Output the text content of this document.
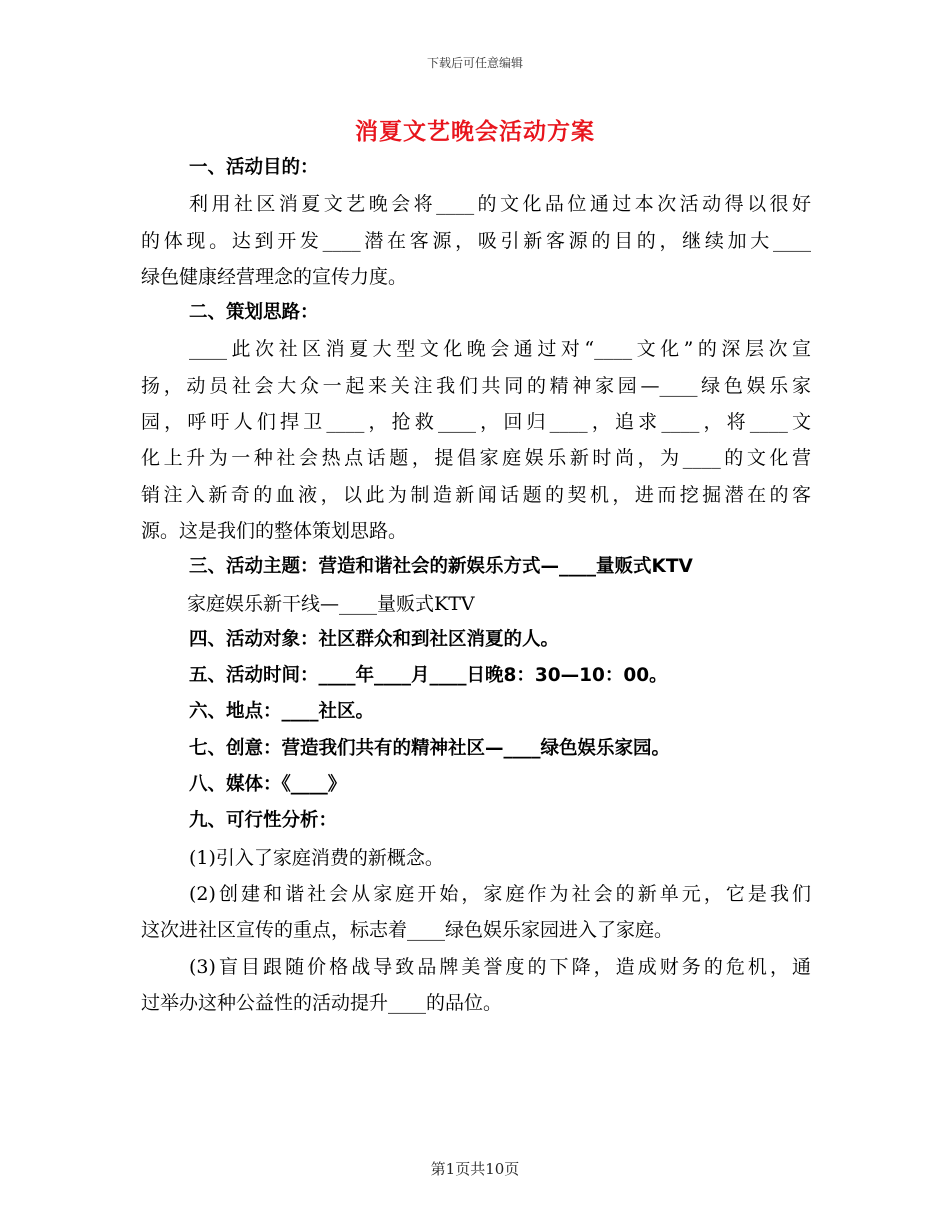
下载后可任意编辑
消夏文艺晚会活动方案
一、活动目的：
利用社区消夏文艺晚会将____的文化品位通过本次活动得以很好
的体现。达到开发____潜在客源，吸引新客源的目的，继续加大____
绿色健康经营理念的宣传力度。
二、策划思路：
____此次社区消夏大型文化晚会通过对“____文化”的深层次宣
扬，动员社会大众一起来关注我们共同的精神家园—____绿色娱乐家
园，呼吁人们捍卫____，抢救____，回归____，追求____，将____文
化上升为一种社会热点话题，提倡家庭娱乐新时尚，为____的文化营
销注入新奇的血液，以此为制造新闻话题的契机，进而挖掘潜在的客
源。这是我们的整体策划思路。
三、活动主题：营造和谐社会的新娱乐方式—____量贩式KTV
家庭娱乐新干线—____量贩式KTV
四、活动对象：社区群众和到社区消夏的人。
五、活动时间：____年____月____日晚8：30—10：00。
六、地点：____社区。
七、创意：营造我们共有的精神社区—____绿色娱乐家园。
八、媒体：《____》
九、可行性分析：
(1)引入了家庭消费的新概念。
(2)创建和谐社会从家庭开始，家庭作为社会的新单元，它是我们
这次进社区宣传的重点，标志着____绿色娱乐家园进入了家庭。
(3)盲目跟随价格战导致品牌美誉度的下降，造成财务的危机，通
过举办这种公益性的活动提升____的品位。
第1页共10页
